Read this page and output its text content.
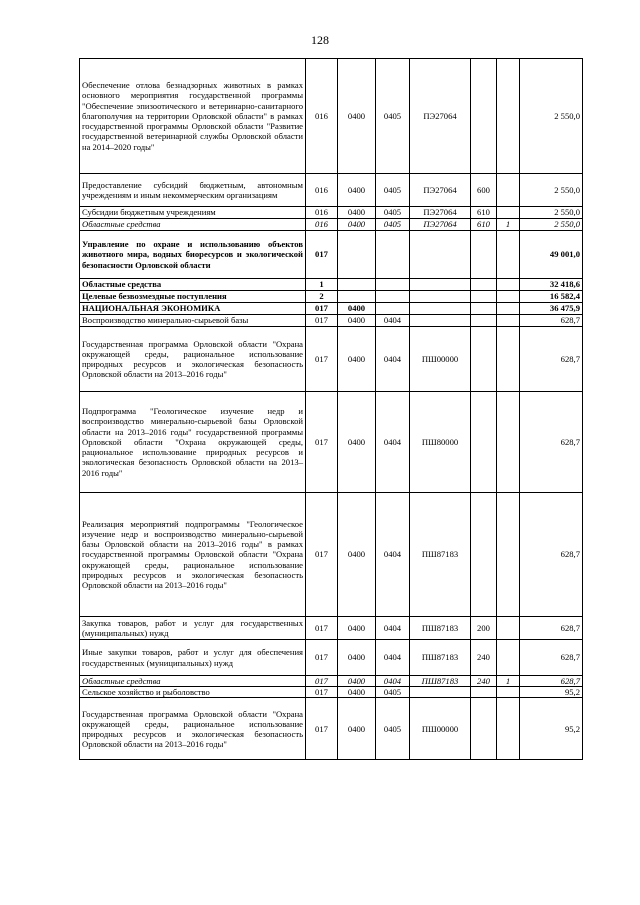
128
Обеспечение отлова безнадзорных животных в рамках основного мероприятия государственной программы "Обеспечение эпизоотического и ветеринарно-санитарного благополучия на территории Орловской области" в рамках государственной программы Орловской области "Развитие государственной ветеринарной службы Орловской области на 2014–2020 годы"	016	0400	0405	ПЭ27064			2 550,0
Предоставление субсидий бюджетным, автономным учреждениям и иным некоммерческим организациям	016	0400	0405	ПЭ27064	600		2 550,0
Субсидии бюджетным учреждениям	016	0400	0405	ПЭ27064	610		2 550,0
Областные средства	016	0400	0405	ПЭ27064	610	1	2 550,0
Управление по охране и использованию объектов животного мира, водных биоресурсов и экологической безопасности Орловской области	017						49 001,0
Областные средства	1						32 418,6
Целевые безвозмездные поступления	2						16 582,4
НАЦИОНАЛЬНАЯ ЭКОНОМИКА	017	0400					36 475,9
Воспроизводство минерально-сырьевой базы	017	0400	0404				628,7
Государственная программа Орловской области "Охрана окружающей среды, рациональное использование природных ресурсов и экологическая безопасность Орловской области на 2013–2016 годы"	017	0400	0404	ПШ00000			628,7
Подпрограмма "Геологическое изучение недр и воспроизводство минерально-сырьевой базы Орловской области на 2013–2016 годы" государственной программы Орловской области "Охрана окружающей среды, рациональное использование природных ресурсов и экологическая безопасность Орловской области на 2013–2016 годы"	017	0400	0404	ПШ80000			628,7
Реализация мероприятий подпрограммы "Геологическое изучение недр и воспроизводство минерально-сырьевой базы Орловской области на 2013–2016 годы" в рамках государственной программы Орловской области "Охрана окружающей среды, рациональное использование природных ресурсов и экологическая безопасность Орловской области на 2013–2016 годы"	017	0400	0404	ПШ87183			628,7
Закупка товаров, работ и услуг для государственных (муниципальных) нужд	017	0400	0404	ПШ87183	200		628,7
Иные закупки товаров, работ и услуг для обеспечения государственных (муниципальных) нужд	017	0400	0404	ПШ87183	240		628,7
Областные средства	017	0400	0404	ПШ87183	240	1	628,7
Сельское хозяйство и рыболовство	017	0400	0405				95,2
Государственная программа Орловской области "Охрана окружающей среды, рациональное использование природных ресурсов и экологическая безопасность Орловской области на 2013–2016 годы"	017	0400	0405	ПШ00000			95,2
